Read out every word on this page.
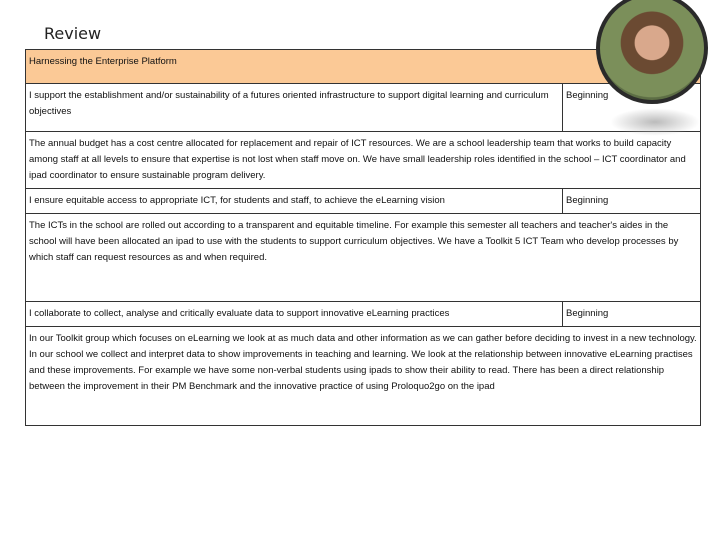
Review
Harnessing the Enterprise Platform	
I support the establishment and/or sustainability of a futures oriented infrastructure to support digital learning and curriculum objectives	Beginning
The annual budget has a cost centre allocated for replacement and repair of ICT resources. We are a school leadership team that works to build capacity among staff at all levels to ensure that expertise is not lost when staff move on. We have small leadership roles identified in the school – ICT coordinator and ipad coordinator to ensure sustainable program delivery.	
I ensure equitable access to appropriate ICT, for students and staff, to achieve the eLearning vision	Beginning
The ICTs in the school are rolled out according to a transparent and equitable timeline. For example this semester all teachers and teacher's aides in the school will have been allocated an ipad to use with the students to support curriculum objectives. We have a Toolkit 5 ICT Team who develop processes by which staff can request resources as and when required.	
I collaborate to collect, analyse and critically evaluate data to support innovative eLearning practices	Beginning
In our Toolkit group which focuses on eLearning we look at as much data and other information as we can gather before deciding to invest in a new technology. In our school we collect and interpret data to show improvements in teaching and learning. We look at the relationship between innovative eLearning practises and these improvements. For example we have some non-verbal students using ipads to show their ability to read. There has been a direct relationship between the improvement in their PM Benchmark and the innovative practice of using Proloquo2go on the ipad	
